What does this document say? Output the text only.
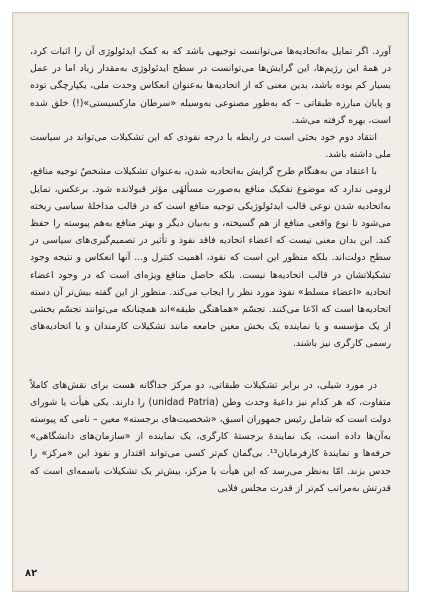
آورد. اگر تمایل به‌اتحادیه‌ها می‌توانست توجیهی باشد که به کمک ایدئولوژی آن را اثبات کرد، در همهٔ این رژیم‌ها، این گرایش‌ها می‌توانست در سطح ایدئولوژی به‌مقدار زیاد اما در عمل بسیار کم بوده باشد، بدین معنی که از اتحادیه‌ها به‌عنوان انعکاس وحدت ملی، یکپارچگی توده و پایان مبارزه طبقاتی – که به‌طور مصنوعی به‌وسیله «سرطان مارکسیستی»(!) خلق شده است، بهره گرفته می‌شد.

انتقاد دوم خود بحثی است در رابطه با درجه نفوذی که این تشکیلات می‌تواند در سیاست ملی داشته باشد.

با اعتقاد من به‌هنگام طرح گرایش به‌اتحادیه شدن، به‌عنوان تشکیلات مشخصٌ توجیه منافع، لزومی ندارد که موضوع تفکیک منافع به‌صورت مسألهٔی مؤثر قبولانده شود. برعکس، تمایل به‌اتحادیه شدن نوعی قالب ایدئولوژیکی توجیه منافع است که در قالب مداخلهٔ سیاسی ریخته می‌شود تا نوع واقعی منافع از هم گسیخته، و به‌بیان دیگر و بهتر منافع به‌هم پیوسته را حفظ کند. این بدان معنی نیست که اعضاء اتحادیه فاقد نفوذ و تأثیر در تصمیم‌گیری‌های سیاسی در سطح دولت‌اند. بلکه منظور این است که نفوذ، اهمیت کنترل و... آنها انعکاس و نتیجه وجود تشکیلاتشان در قالب اتحادیه‌ها نیست. بلکه حاصل منافع ویژه‌ای است که در وجود اعضاء اتحادیه «اعضاء مسلط» نفوذ مورد نظر را ایجاب می‌کند. منظور از این گفته بیش‌تر آن دسته اتحادیه‌ها است که ادّعا می‌کنند. تجسّم «هماهنگی طبقه»اند همچنانکه می‌توانند تجسّم بخشی از یک مؤسسه و یا نماینده یک بخش معین جامعه مانند تشکیلات کارمندان و یا اتحادیه‌های رسمی کارگری نیز باشند.

در مورد شیلی، در برابر تشکیلات طبقاتی، دو مرکز جداگانه هست برای نقش‌های کاملاً متفاوت، که هر کدام نیز داعیهٔ وحدت وطن (unidad Patria) را دارند. یکی هیأت یا شورای دولت است که شامل رئیس جمهوران اسبق، «شخصیت‌های برجسته» معین – نامی که پیوسته به‌آن‌ها داده است، یک نمایندهٔ برجستهٔ کارگری، یک نماینده از «سازمان‌های دانشگاهی» حرفه‌ها و نمایندهٔ کارفرمایان¹³. بی‌گمان کم‌تر کسی می‌تواند اقتدار و نفوذ این «مرکز» را حدس بزند. امّا به‌نظر می‌رسد که این هیأت یا مرکز، بیش‌تر یک تشکیلات باسمه‌ای است که قدرتش به‌مراتب کم‌تر از قدرت مجلس فلایی

۸۲
